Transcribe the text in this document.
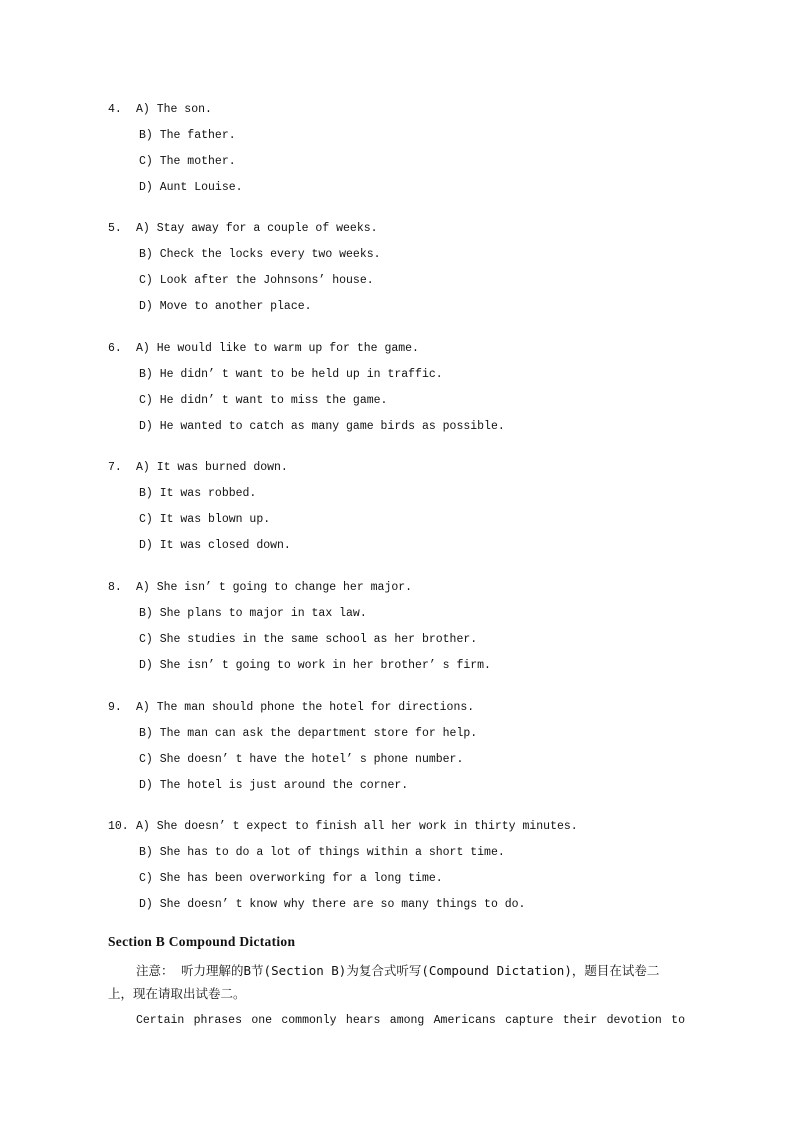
4. A) The son.
B) The father.
C) The mother.
D) Aunt Louise.
5. A) Stay away for a couple of weeks.
B) Check the locks every two weeks.
C) Look after the Johnsons’ house.
D) Move to another place.
6. A) He would like to warm up for the game.
B) He didn’ t want to be held up in traffic.
C) He didn’ t want to miss the game.
D) He wanted to catch as many game birds as possible.
7. A) It was burned down.
B) It was robbed.
C) It was blown up.
D) It was closed down.
8. A) She isn’ t going to change her major.
B) She plans to major in tax law.
C) She studies in the same school as her brother.
D) She isn’ t going to work in her brother’ s firm.
9. A) The man should phone the hotel for directions.
B) The man can ask the department store for help.
C) She doesn’ t have the hotel’ s phone number.
D) The hotel is just around the corner.
10. A) She doesn’ t expect to finish all her work in thirty minutes.
B) She has to do a lot of things within a short time.
C) She has been overworking for a long time.
D) She doesn’ t know why there are so many things to do.
Section B Compound Dictation
注意： 听力理解的B节(Section B)为复合式听写(Compound Dictation)，题目在试卷二
上，现在请取出试卷二。
Certain phrases one commonly hears among Americans capture their devotion to
